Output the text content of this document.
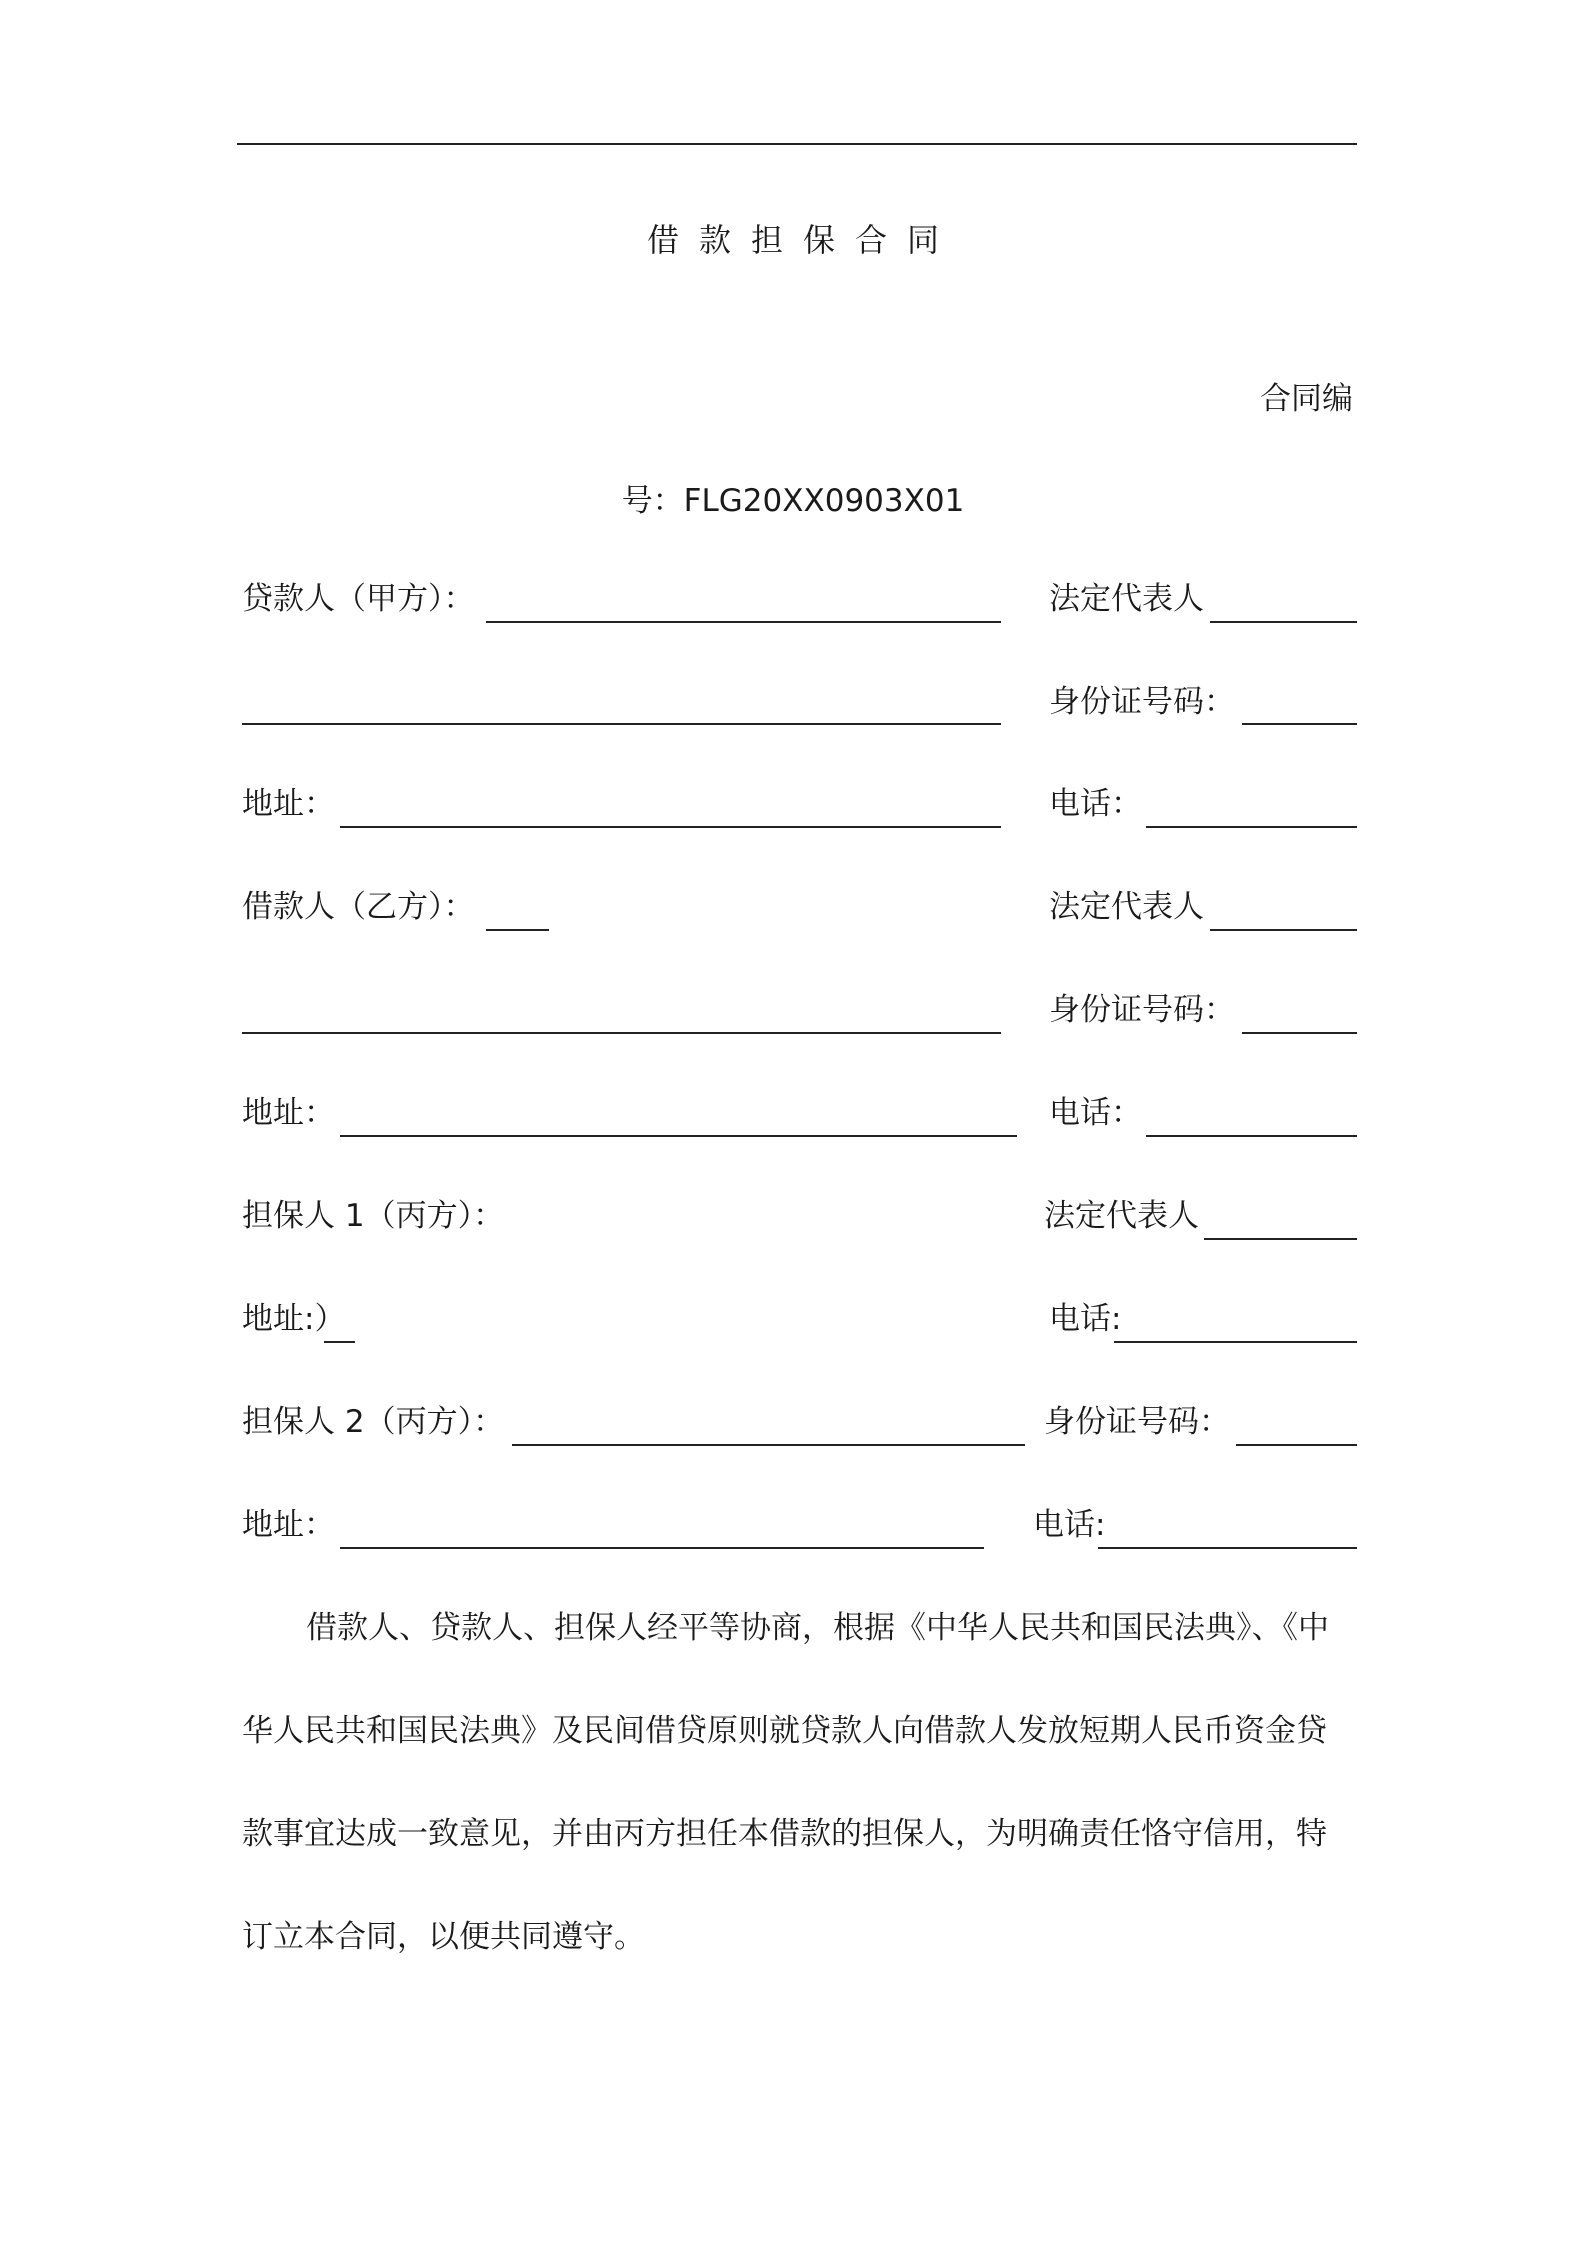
借款担保合同
合同编
号：FLG20XX0903X01
贷款人（甲方）：	法定代表人
身份证号码：
地址：	电话：
借款人（乙方）：	法定代表人
身份证号码：
地址：	电话：
担保人 1（丙方）：	法定代表人
地址:）	电话:
担保人 2（丙方）：	身份证号码：
地址：	电话:
借款人、贷款人、担保人经平等协商，根据《中华人民共和国民法典》、《中
华人民共和国民法典》及民间借贷原则就贷款人向借款人发放短期人民币资金贷
款事宜达成一致意见，并由丙方担任本借款的担保人，为明确责任恪守信用，特
订立本合同，以便共同遵守。
